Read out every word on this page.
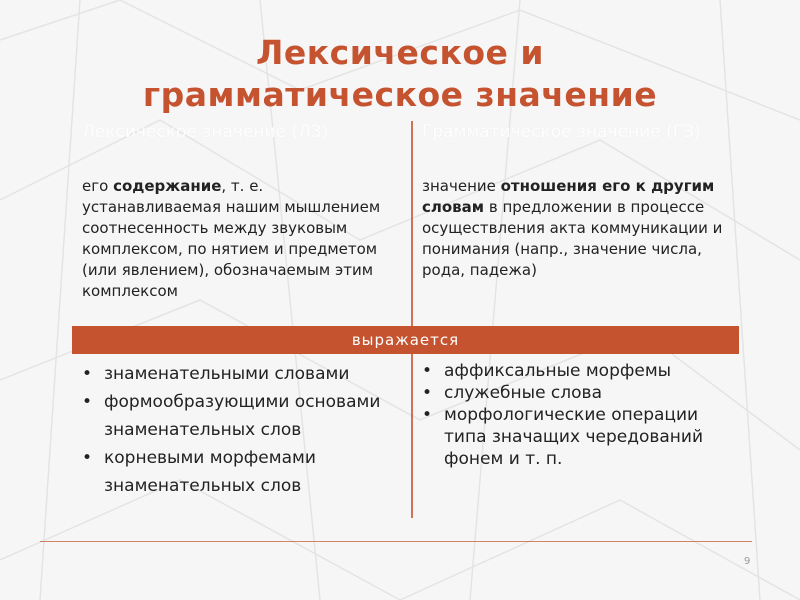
Лексическое и
грамматическое значение
Лексическое значение (ЛЗ)	Грамматическое значение (ГЗ)
его содержание, т. е. устанавливаемая нашим мышлением соотнесенность между звуковым комплексом, по нятием и предметом (или явлением), обозначаемым этим комплексом
значение отношения его к другим словам в предложении в процессе осуществления акта коммуникации и понимания (напр., значение числа, рода, падежа)
выражается
• знаменательными словами
• формообразующими основами знаменательных слов
• корневыми морфемами знаменательных слов
• аффиксальные морфемы
• служебные слова
• морфологические операции типа значащих чередований фонем и т. п.
9
